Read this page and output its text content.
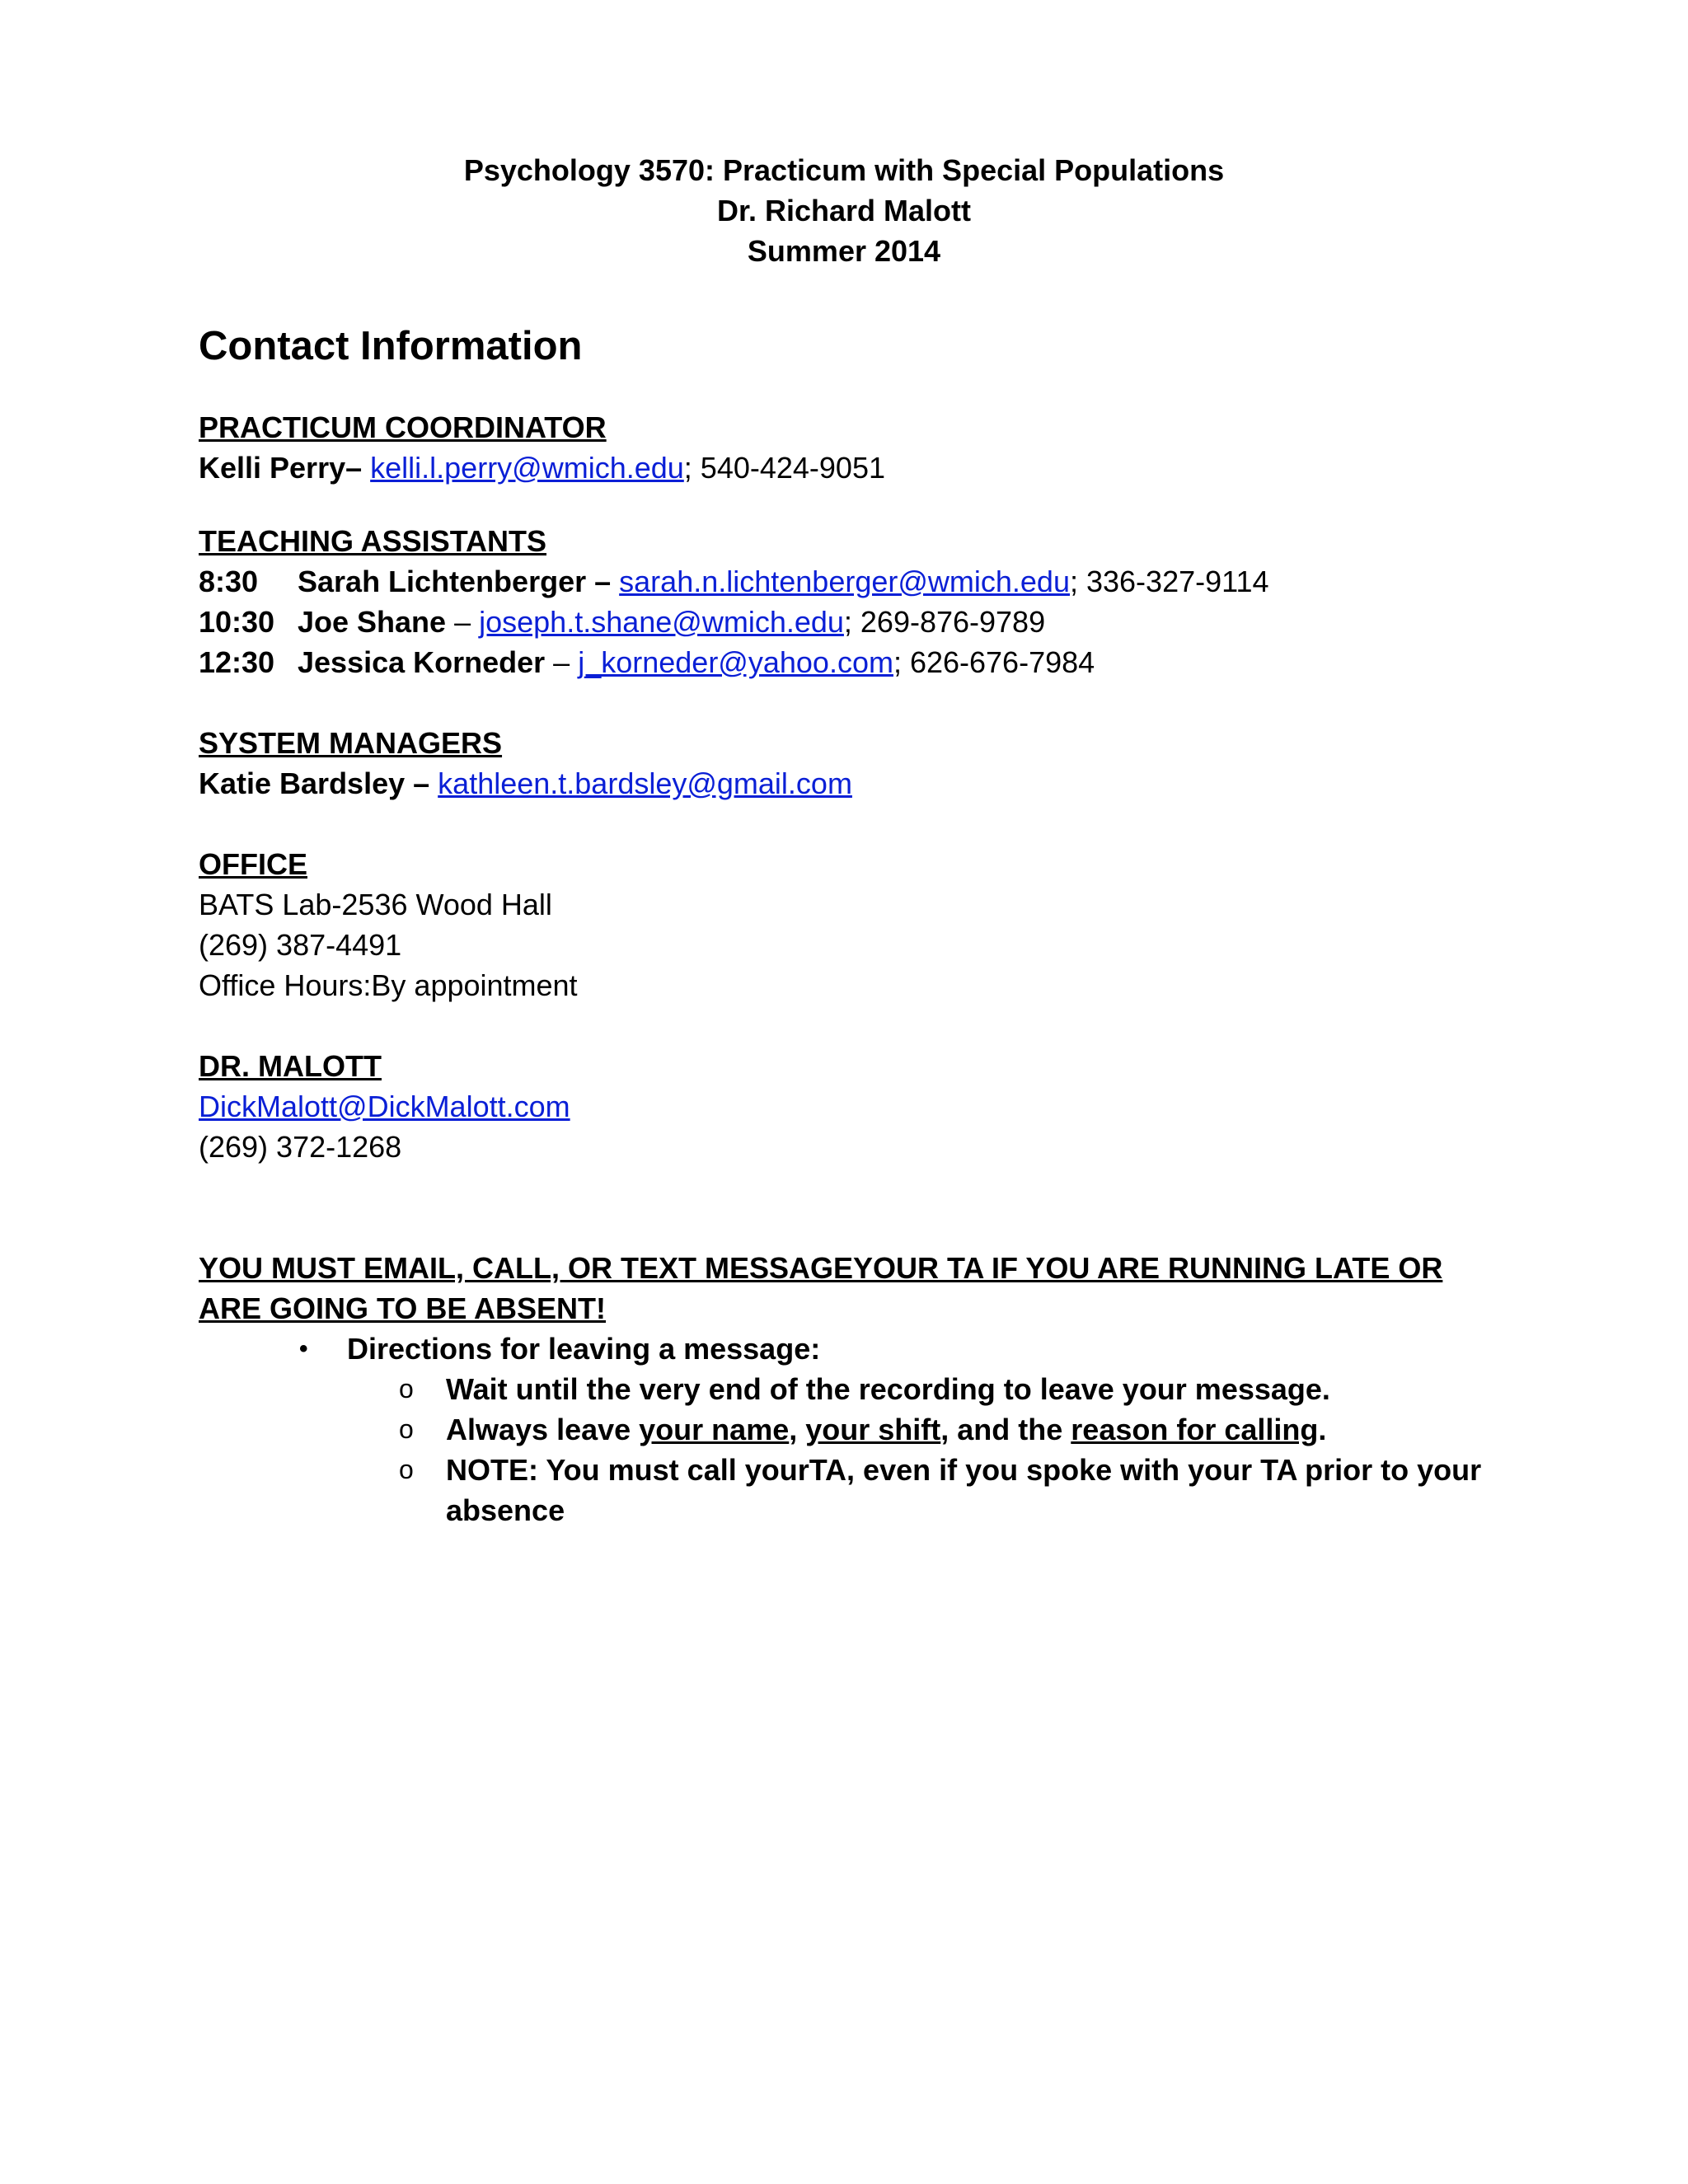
Psychology 3570: Practicum with Special Populations
Dr. Richard Malott
Summer 2014
Contact Information
PRACTICUM COORDINATOR
Kelli Perry– kelli.l.perry@wmich.edu; 540-424-9051
TEACHING ASSISTANTS
8:30 Sarah Lichtenberger – sarah.n.lichtenberger@wmich.edu; 336-327-9114
10:30 Joe Shane – joseph.t.shane@wmich.edu; 269-876-9789
12:30 Jessica Korneder – j_korneder@yahoo.com; 626-676-7984
SYSTEM MANAGERS
Katie Bardsley – kathleen.t.bardsley@gmail.com
OFFICE
BATS Lab-2536 Wood Hall
(269) 387-4491
Office Hours:By appointment
DR. MALOTT
DickMalott@DickMalott.com
(269) 372-1268
YOU MUST EMAIL, CALL, OR TEXT MESSAGEYOUR TA IF YOU ARE RUNNING LATE OR ARE GOING TO BE ABSENT!
• Directions for leaving a message:
o Wait until the very end of the recording to leave your message.
o Always leave your name, your shift, and the reason for calling.
o NOTE: You must call yourTA, even if you spoke with your TA prior to your absence
